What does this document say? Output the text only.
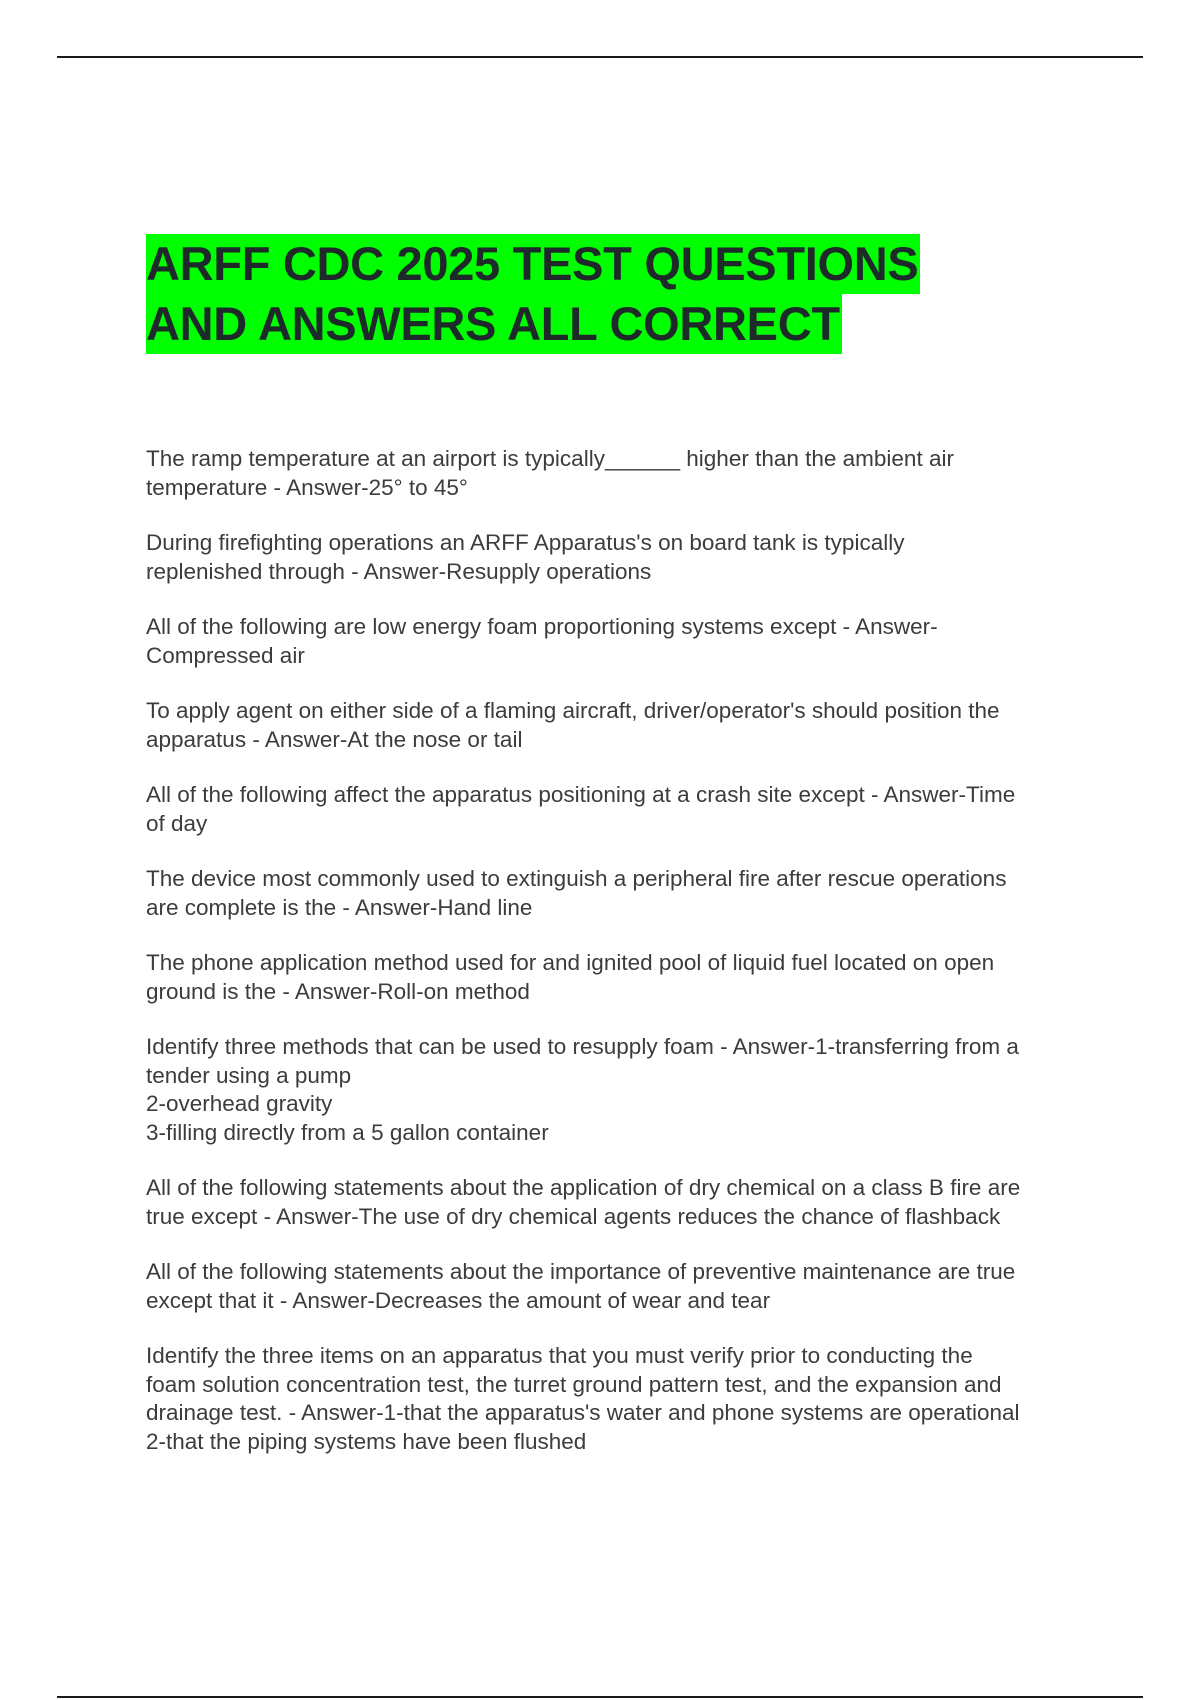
ARFF CDC 2025 TEST QUESTIONS
AND ANSWERS ALL CORRECT

The ramp temperature at an airport is typically______ higher than the ambient air
temperature - Answer-25° to 45°

During firefighting operations an ARFF Apparatus's on board tank is typically
replenished through - Answer-Resupply operations

All of the following are low energy foam proportioning systems except - Answer-
Compressed air

To apply agent on either side of a flaming aircraft, driver/operator's should position the
apparatus - Answer-At the nose or tail

All of the following affect the apparatus positioning at a crash site except - Answer-Time
of day

The device most commonly used to extinguish a peripheral fire after rescue operations
are complete is the - Answer-Hand line

The phone application method used for and ignited pool of liquid fuel located on open
ground is the - Answer-Roll-on method

Identify three methods that can be used to resupply foam - Answer-1-transferring from a
tender using a pump
2-overhead gravity
3-filling directly from a 5 gallon container

All of the following statements about the application of dry chemical on a class B fire are
true except - Answer-The use of dry chemical agents reduces the chance of flashback

All of the following statements about the importance of preventive maintenance are true
except that it - Answer-Decreases the amount of wear and tear

Identify the three items on an apparatus that you must verify prior to conducting the
foam solution concentration test, the turret ground pattern test, and the expansion and
drainage test. - Answer-1-that the apparatus's water and phone systems are operational
2-that the piping systems have been flushed
